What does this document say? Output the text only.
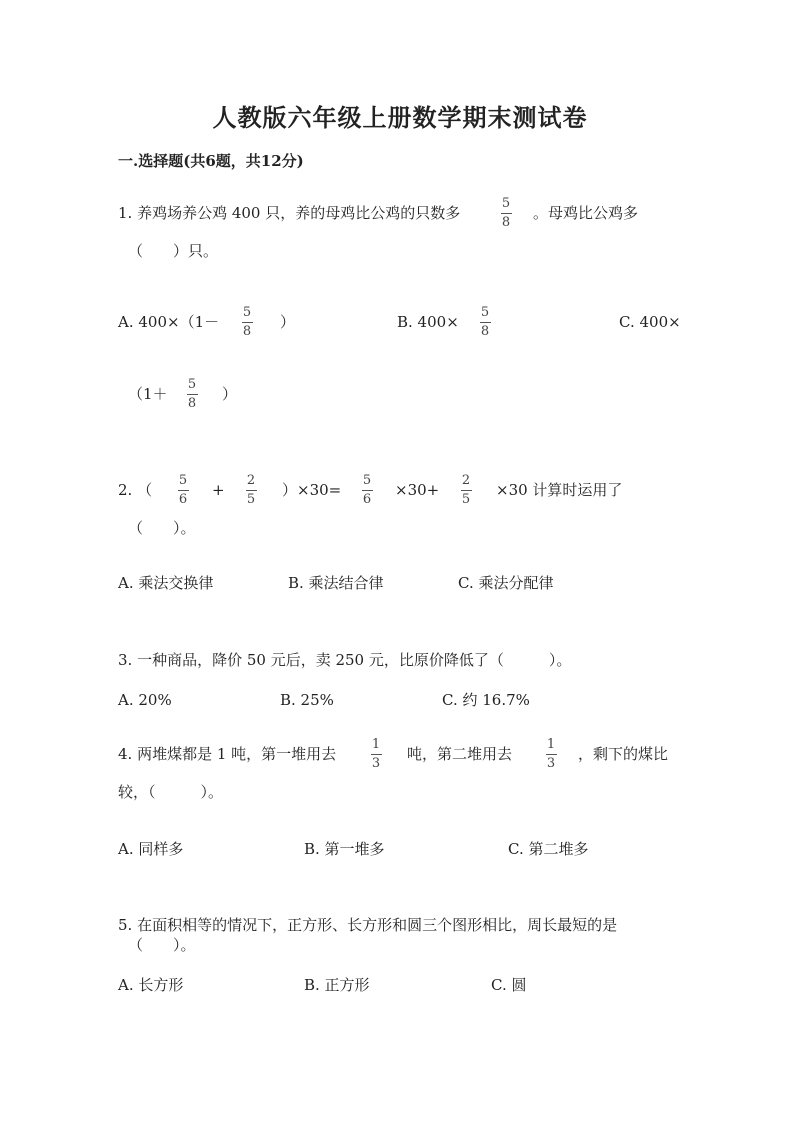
人教版六年级上册数学期末测试卷
一.选择题(共6题，共12分)
1. 养鸡场养公鸡 400 只，养的母鸡比公鸡的只数多
5
8
。母鸡比公鸡多
（　　）只。
A. 400×（1－
5
8
）	B. 400×
5
8
C. 400×
（1＋
5
8
）
2. （
5
6
+
2
5
）×30=
5
6
×30+
2
5
×30 计算时运用了
（　　）。
A. 乘法交换律	B. 乘法结合律	C. 乘法分配律
3. 一种商品，降价 50 元后，卖 250 元，比原价降低了（　　　）。
A. 20%	B. 25%	C. 约 16.7%
4. 两堆煤都是 1 吨，第一堆用去
1
3
吨，第二堆用去
1
3
，剩下的煤比
较，（　　　）。
A. 同样多	B. 第一堆多	C. 第二堆多
5. 在面积相等的情况下，正方形、长方形和圆三个图形相比，周长最短的是
（　　）。
A. 长方形	B. 正方形	C. 圆
